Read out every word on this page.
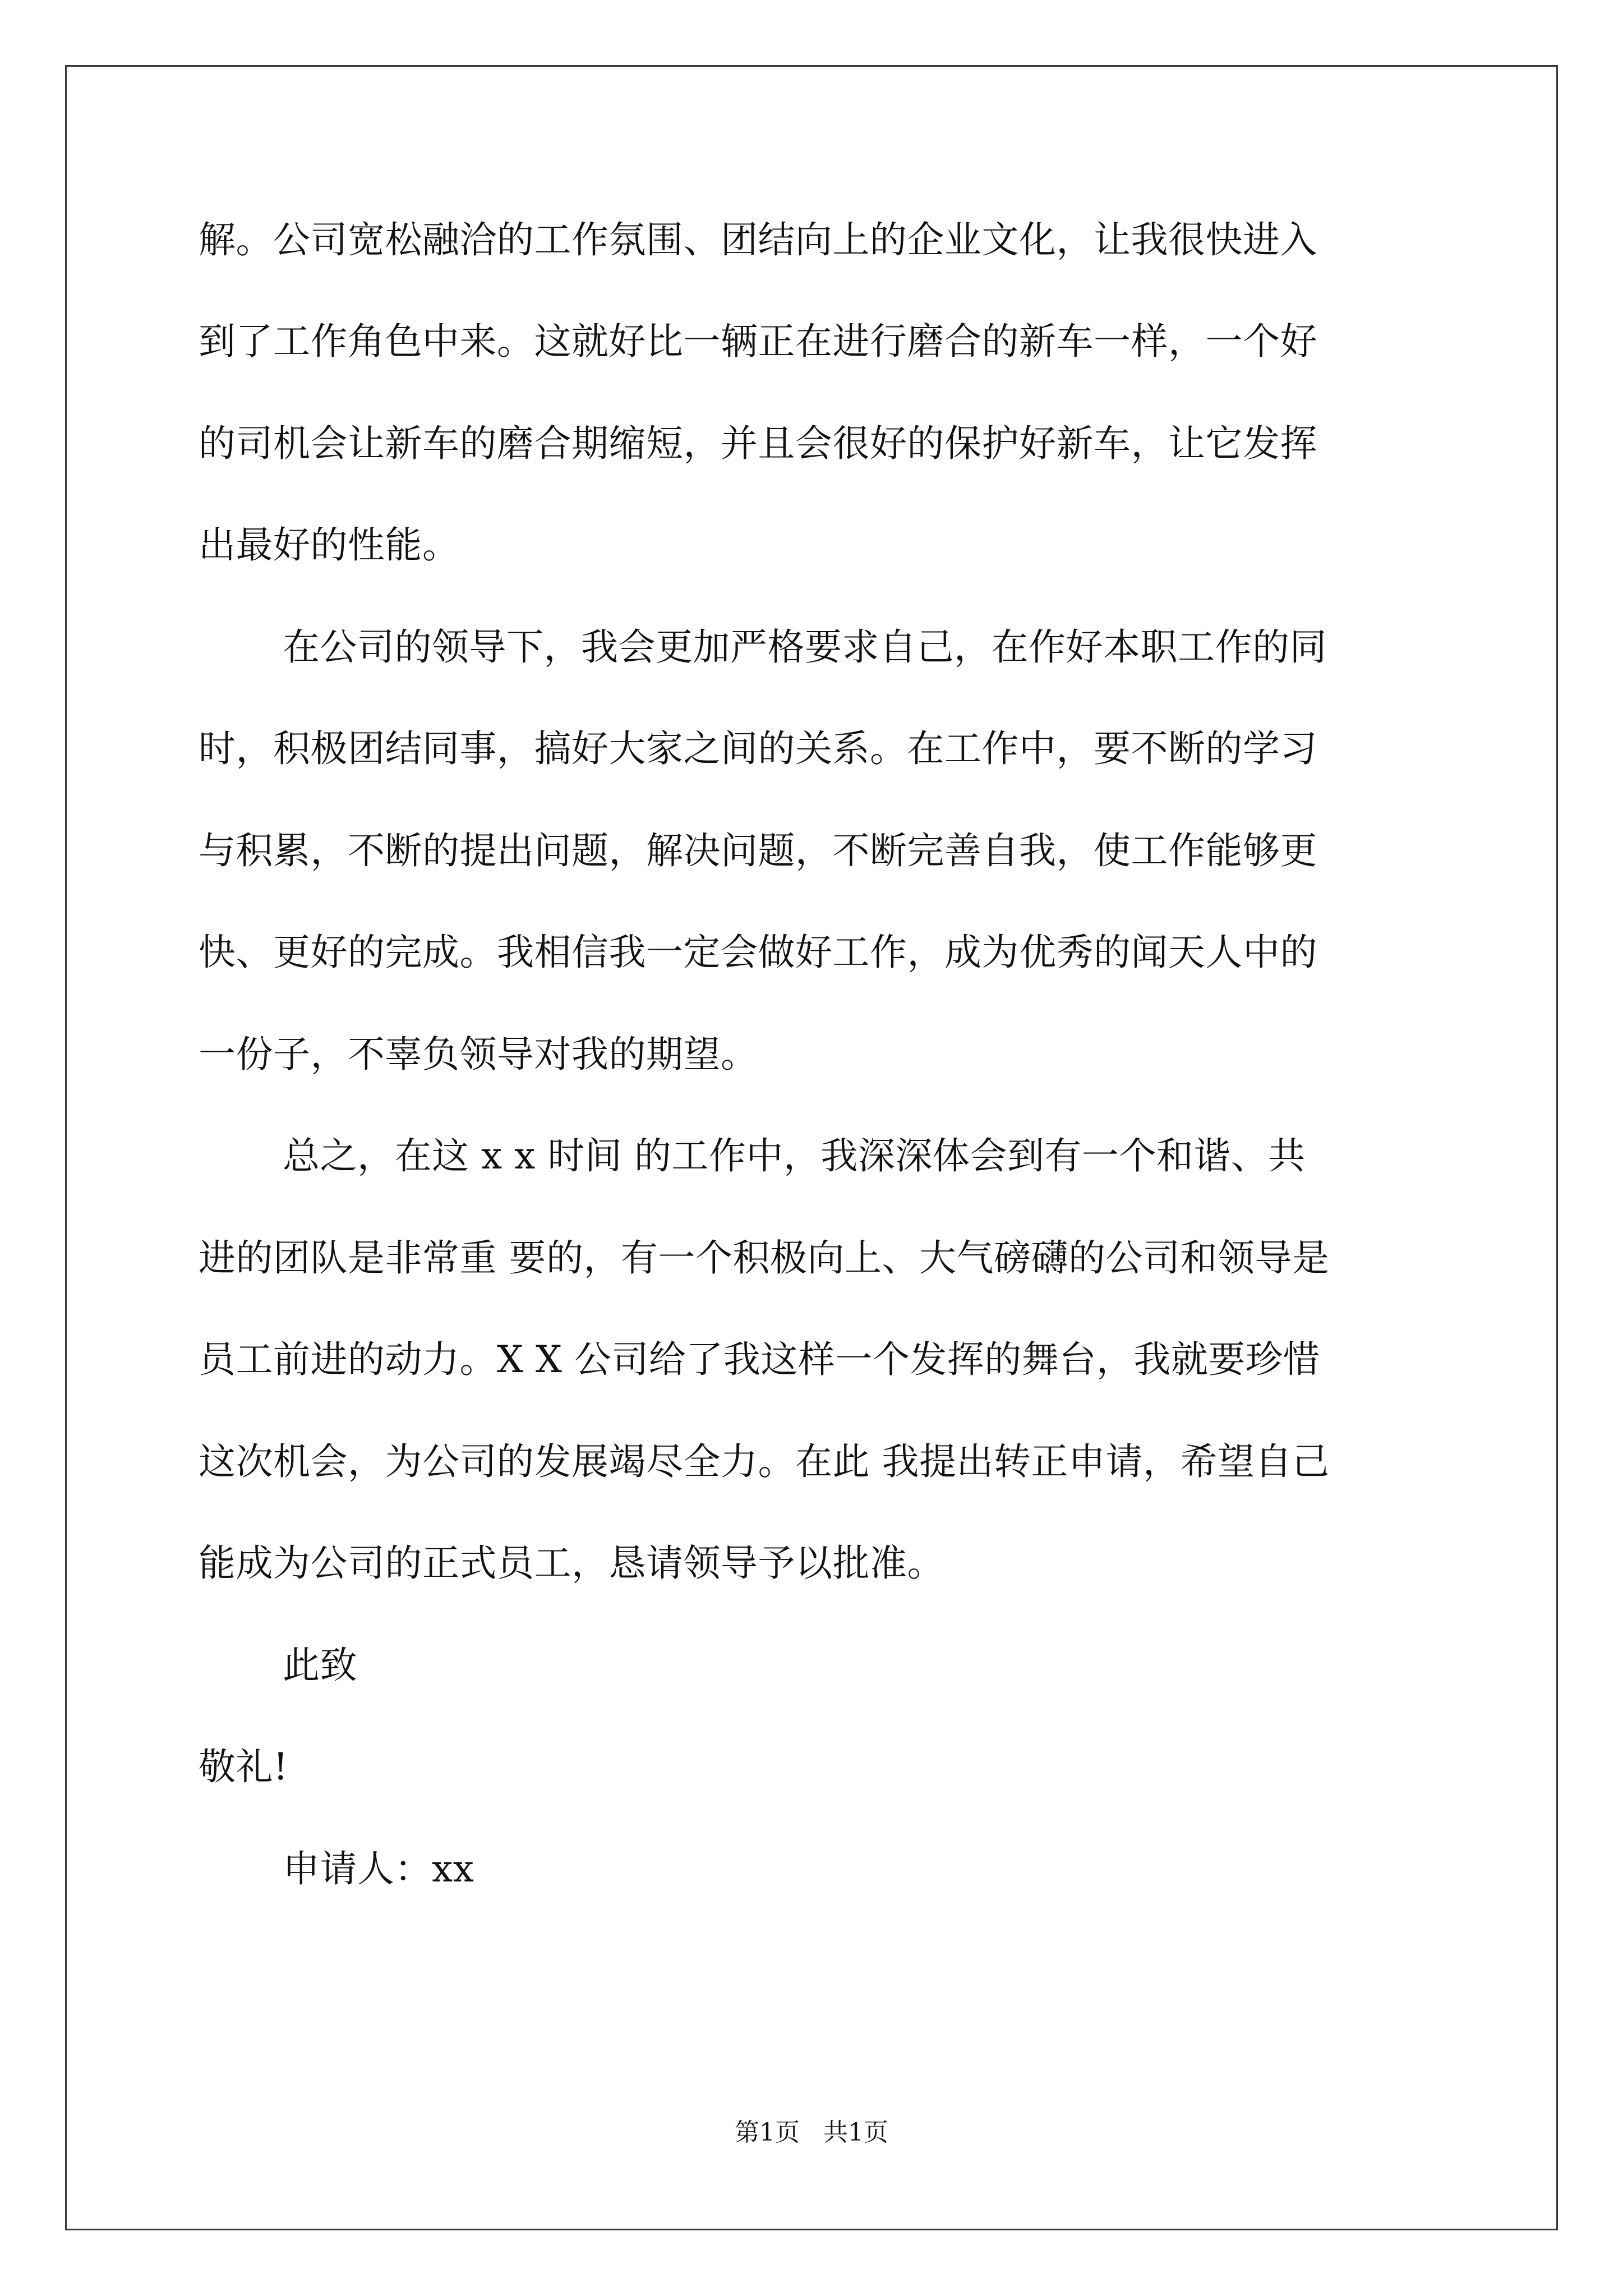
解。公司宽松融洽的工作氛围、团结向上的企业文化，让我很快进入
到了工作角色中来。这就好比一辆正在进行磨合的新车一样，一个好
的司机会让新车的磨合期缩短，并且会很好的保护好新车，让它发挥
出最好的性能。
在公司的领导下，我会更加严格要求自己，在作好本职工作的同
时，积极团结同事，搞好大家之间的关系。在工作中，要不断的学习
与积累，不断的提出问题，解决问题，不断完善自我，使工作能够更
快、更好的完成。我相信我一定会做好工作，成为优秀的闻天人中的
一份子，不辜负领导对我的期望。
总之，在这 x x 时间 的工作中，我深深体会到有一个和谐、共
进的团队是非常重 要的，有一个积极向上、大气磅礴的公司和领导是
员工前进的动力。X X 公司给了我这样一个发挥的舞台，我就要珍惜
这次机会，为公司的发展竭尽全力。在此 我提出转正申请，希望自己
能成为公司的正式员工，恳请领导予以批准。
此致
敬礼!
申请人：xx
第1页   共1页
